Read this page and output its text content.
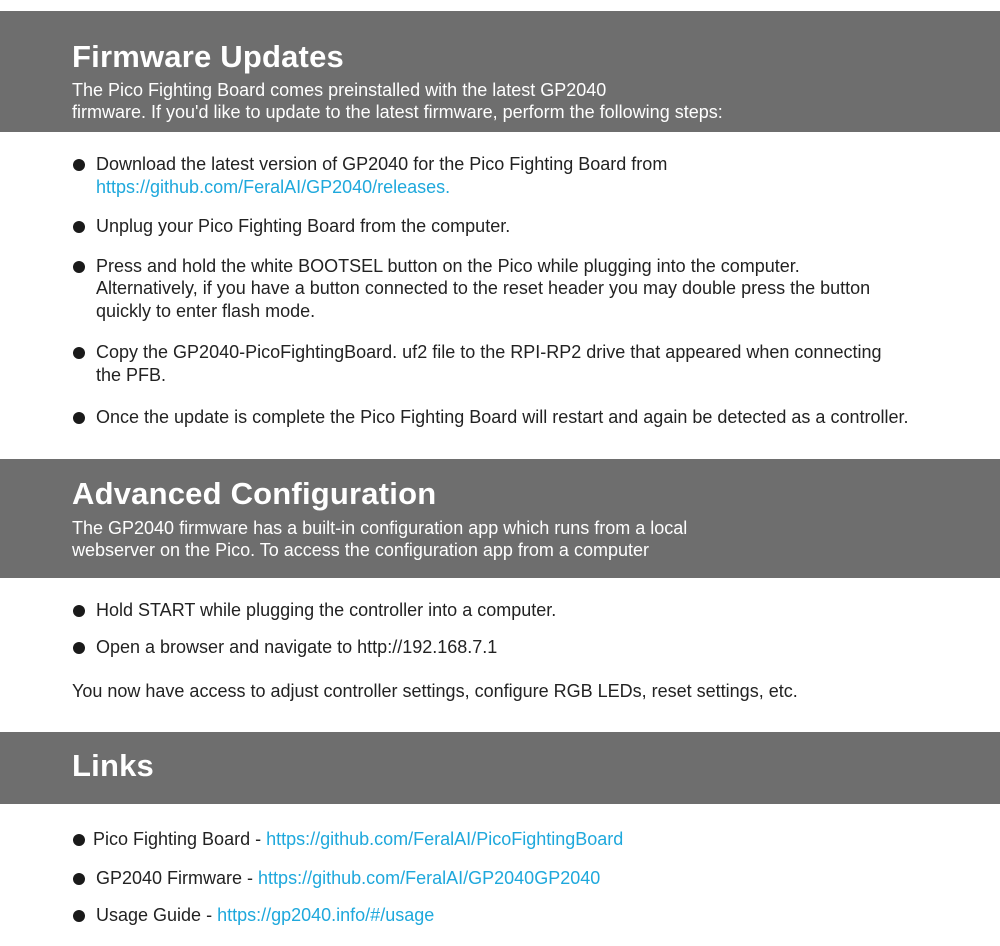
Firmware Updates

The Pico Fighting Board comes preinstalled with the latest GP2040

firmware. If you'd like to update to the latest firmware, perform the following steps:

Download the latest version of GP2040 for the Pico Fighting Board from

https://github.com/FeralAI/GP2040/releases.

Unplug your Pico Fighting Board from the computer.

Press and hold the white BOOTSEL button on the Pico while plugging into the computer.

Alternatively, if you have a button connected to the reset header you may double press the button

quickly to enter flash mode.

Copy the GP2040-PicoFightingBoard. uf2 file to the RPI-RP2 drive that appeared when connecting

the PFB.

Once the update is complete the Pico Fighting Board will restart and again be detected as a controller.

Advanced Configuration

The GP2040 firmware has a built-in configuration app which runs from a local

webserver on the Pico. To access the configuration app from a computer

Hold START while plugging the controller into a computer.

Open a browser and navigate to http://192.168.7.1

You now have access to adjust controller settings, configure RGB LEDs, reset settings, etc.

Links

Pico Fighting Board - https://github.com/FeralAI/PicoFightingBoard

GP2040 Firmware - https://github.com/FeralAI/GP2040GP2040

Usage Guide - https://gp2040.info/#/usage
